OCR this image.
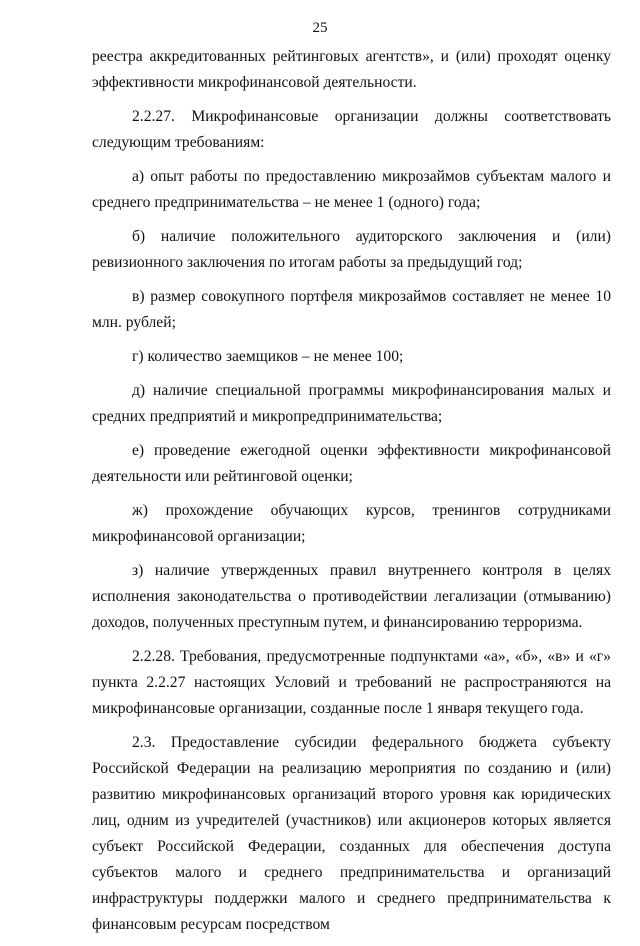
25

реестра аккредитованных рейтинговых агентств», и (или) проходят оценку эффективности микрофинансовой деятельности.

2.2.27. Микрофинансовые организации должны соответствовать следующим требованиям:

а) опыт работы по предоставлению микрозаймов субъектам малого и среднего предпринимательства – не менее 1 (одного) года;

б) наличие положительного аудиторского заключения и (или) ревизионного заключения по итогам работы за предыдущий год;

в) размер совокупного портфеля микрозаймов составляет не менее 10 млн. рублей;

г) количество заемщиков – не менее 100;

д) наличие специальной программы микрофинансирования малых и средних предприятий и микропредпринимательства;

е) проведение ежегодной оценки эффективности микрофинансовой деятельности или рейтинговой оценки;

ж) прохождение обучающих курсов, тренингов сотрудниками микрофинансовой организации;

з) наличие утвержденных правил внутреннего контроля в целях исполнения законодательства о противодействии легализации (отмыванию) доходов, полученных преступным путем, и финансированию терроризма.

2.2.28. Требования, предусмотренные подпунктами «а», «б», «в» и «г» пункта 2.2.27 настоящих Условий и требований не распространяются на микрофинансовые организации, созданные после 1 января текущего года.

2.3. Предоставление субсидии федерального бюджета субъекту Российской Федерации на реализацию мероприятия по созданию и (или) развитию микрофинансовых организаций второго уровня как юридических лиц, одним из учредителей (участников) или акционеров которых является субъект Российской Федерации, созданных для обеспечения доступа субъектов малого и среднего предпринимательства и организаций инфраструктуры поддержки малого и среднего предпринимательства к финансовым ресурсам посредством
